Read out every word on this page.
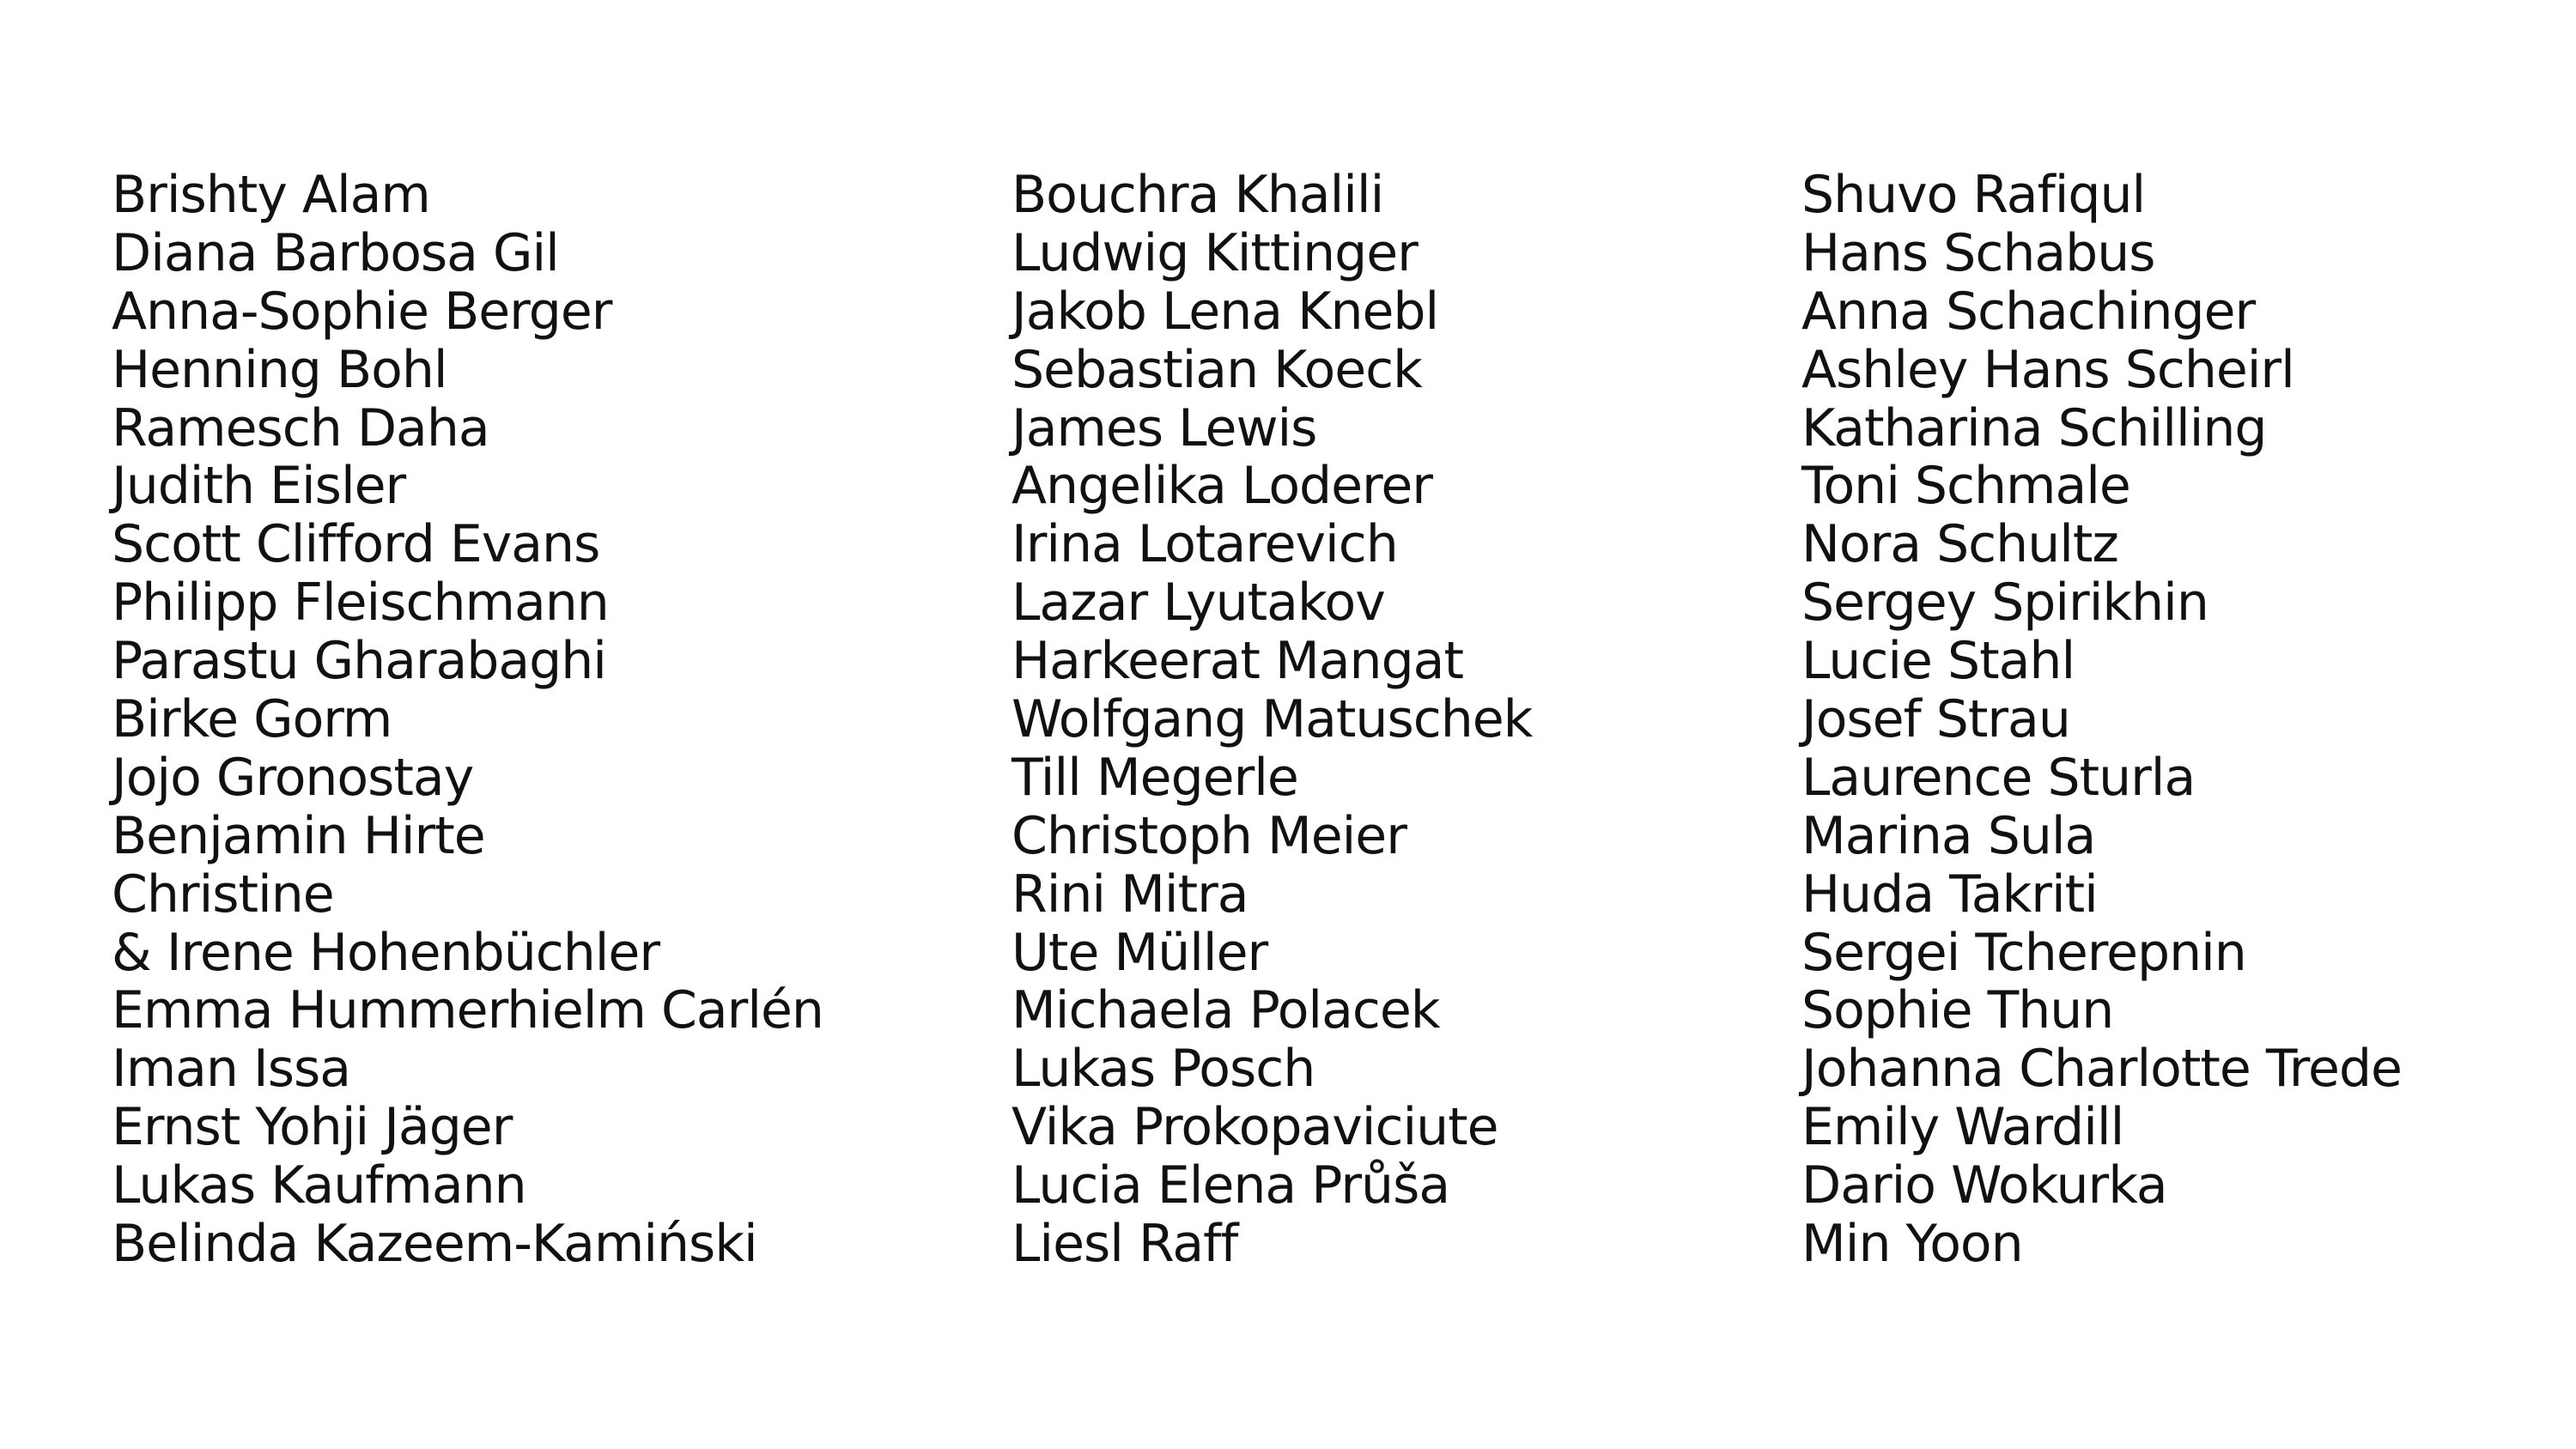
Brishty Alam
Diana Barbosa Gil
Anna-Sophie Berger
Henning Bohl
Ramesch Daha
Judith Eisler
Scott Clifford Evans
Philipp Fleischmann
Parastu Gharabaghi
Birke Gorm
Jojo Gronostay
Benjamin Hirte
Christine
& Irene Hohenbüchler
Emma Hummerhielm Carlén
Iman Issa
Ernst Yohji Jäger
Lukas Kaufmann
Belinda Kazeem-Kamiński
Bouchra Khalili
Ludwig Kittinger
Jakob Lena Knebl
Sebastian Koeck
James Lewis
Angelika Loderer
Irina Lotarevich
Lazar Lyutakov
Harkeerat Mangat
Wolfgang Matuschek
Till Megerle
Christoph Meier
Rini Mitra
Ute Müller
Michaela Polacek
Lukas Posch
Vika Prokopaviciute
Lucia Elena Průša
Liesl Raff
Shuvo Rafiqul
Hans Schabus
Anna Schachinger
Ashley Hans Scheirl
Katharina Schilling
Toni Schmale
Nora Schultz
Sergey Spirikhin
Lucie Stahl
Josef Strau
Laurence Sturla
Marina Sula
Huda Takriti
Sergei Tcherepnin
Sophie Thun
Johanna Charlotte Trede
Emily Wardill
Dario Wokurka
Min Yoon
